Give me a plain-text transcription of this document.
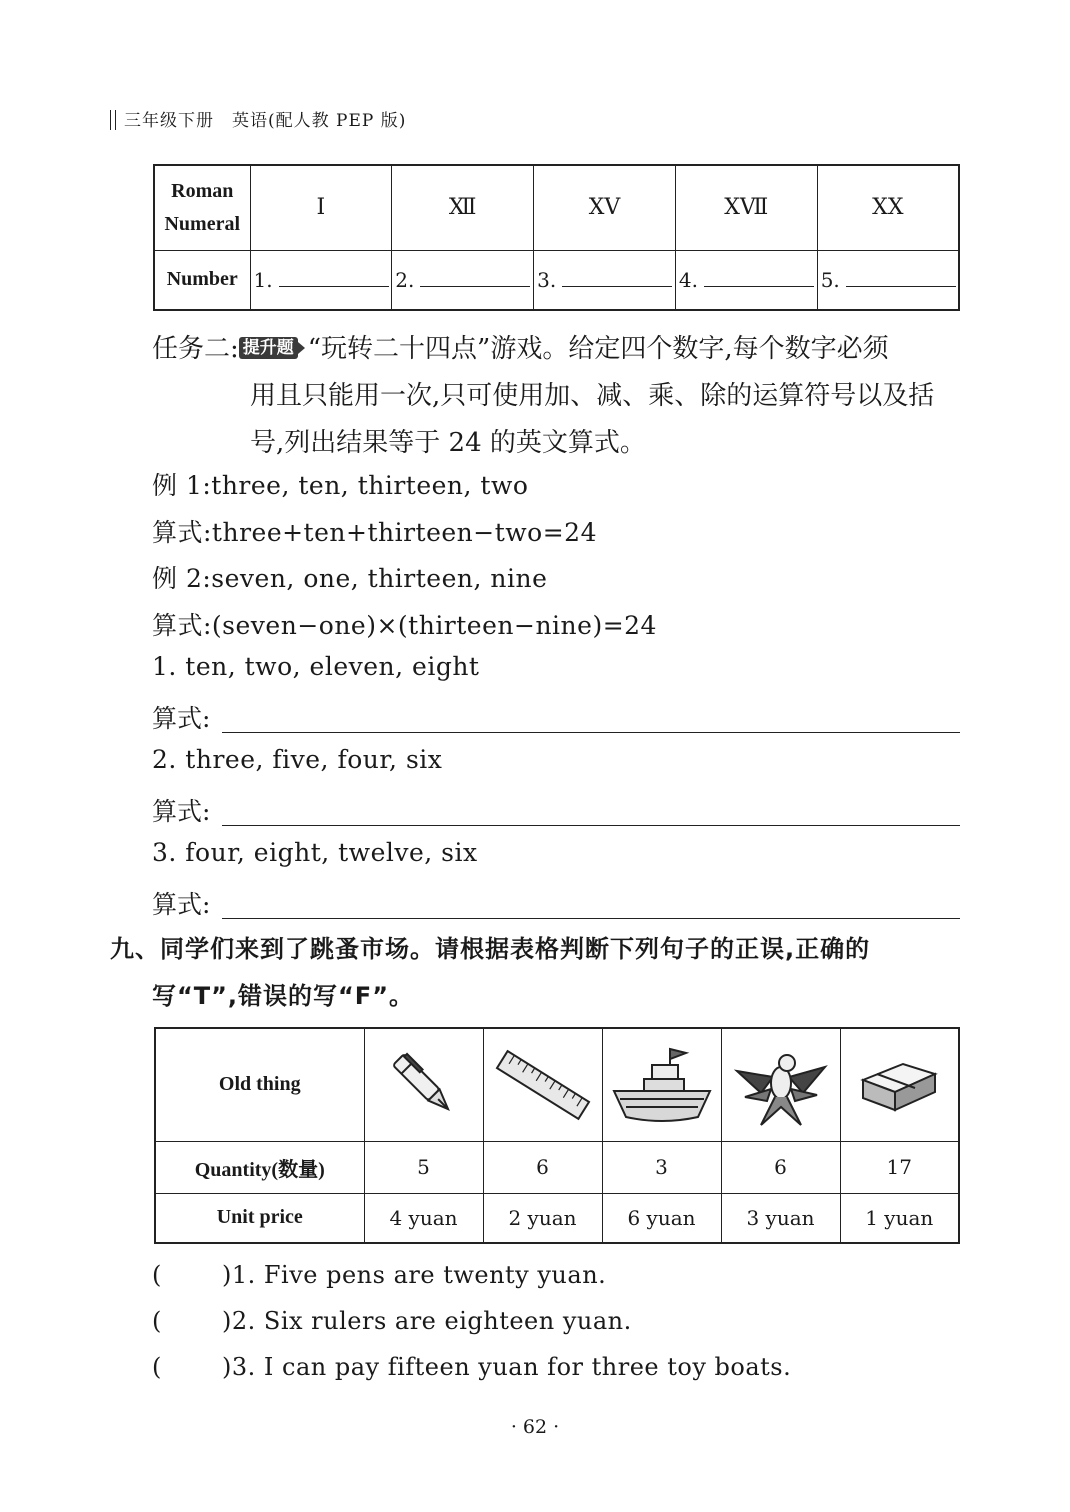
三年级下册　英语(配人教 PEP 版)
Roman
Numeral	Ⅰ	Ⅻ	ⅩⅤ	ⅩⅦ	ⅩⅩ
Number	1.	2.	3.	4.	5.
任务二: 提升题 “玩转二十四点”游戏。给定四个数字,每个数字必须
用且只能用一次,只可使用加、减、乘、除的运算符号以及括
号,列出结果等于 24 的英文算式。
例 1:three, ten, thirteen, two
算式:three+ten+thirteen−two=24
例 2:seven, one, thirteen, nine
算式:(seven−one)×(thirteen−nine)=24
1. ten, two, eleven, eight
算式:
2. three, five, four, six
算式:
3. four, eight, twelve, six
算式:
九、同学们来到了跳蚤市场。请根据表格判断下列句子的正误,正确的
写“T”,错误的写“F”。
Old thing	

Quantity(数量)	5	6	3	6	17
Unit price	4 yuan	2 yuan	6 yuan	3 yuan	1 yuan
(	)1. Five pens are twenty yuan.
(	)2. Six rulers are eighteen yuan.
(	)3. I can pay fifteen yuan for three toy boats.
· 62 ·
